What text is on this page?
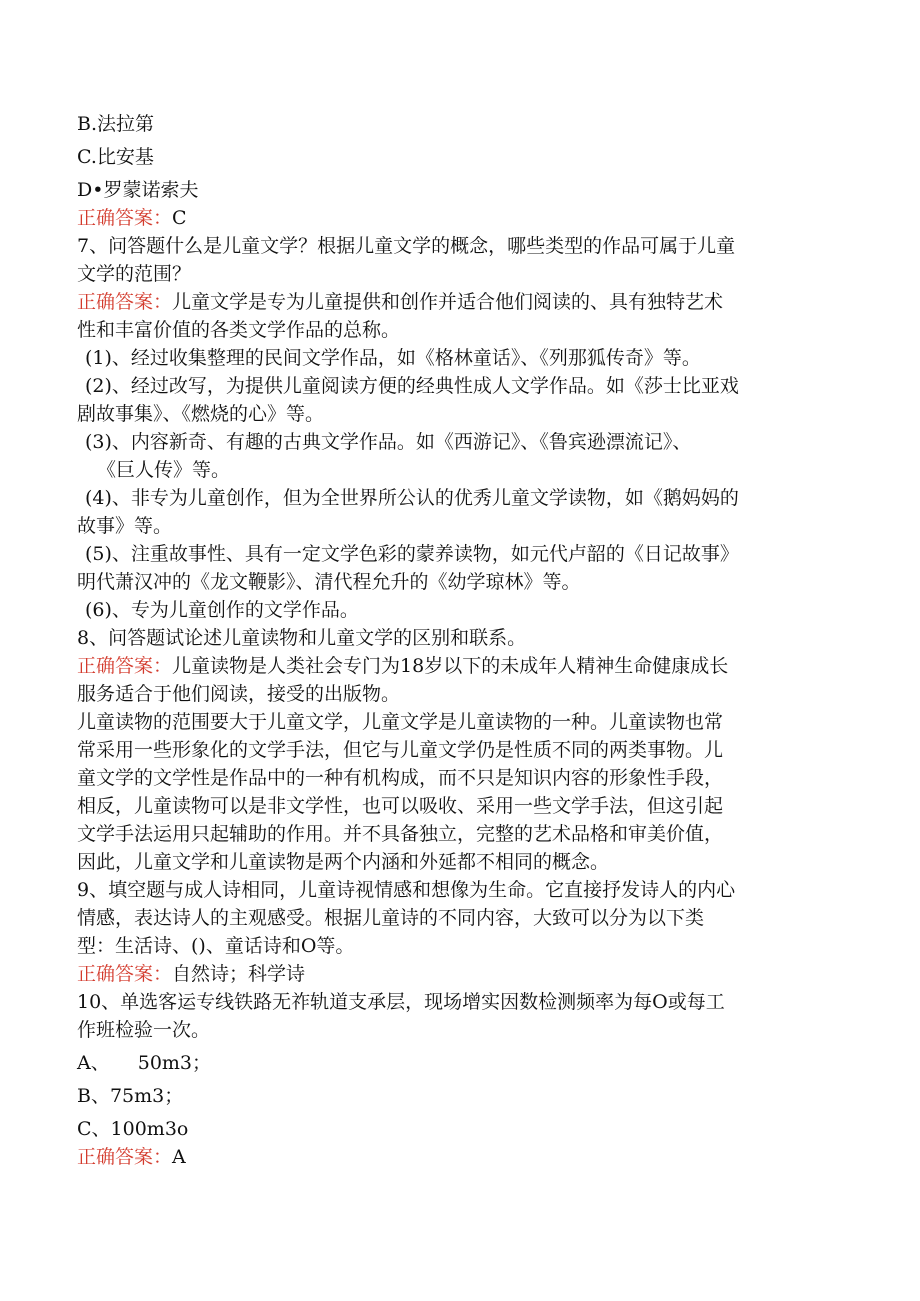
B.法拉第
C.比安基
D•罗蒙诺索夫
正确答案：C
7、问答题什么是儿童文学？根据儿童文学的概念，哪些类型的作品可属于儿童
文学的范围？
正确答案：儿童文学是专为儿童提供和创作并适合他们阅读的、具有独特艺术
性和丰富价值的各类文学作品的总称。
(1)、经过收集整理的民间文学作品，如《格林童话》、《列那狐传奇》等。
(2)、经过改写，为提供儿童阅读方便的经典性成人文学作品。如《莎士比亚戏
剧故事集》、《燃烧的心》等。
(3)、内容新奇、有趣的古典文学作品。如《西游记》、《鲁宾逊漂流记》、
《巨人传》等。
(4)、非专为儿童创作，但为全世界所公认的优秀儿童文学读物，如《鹅妈妈的
故事》等。
(5)、注重故事性、具有一定文学色彩的蒙养读物，如元代卢韶的《日记故事》
明代萧汉冲的《龙文鞭影》、清代程允升的《幼学琼林》等。
(6)、专为儿童创作的文学作品。
8、问答题试论述儿童读物和儿童文学的区别和联系。
正确答案：儿童读物是人类社会专门为18岁以下的未成年人精神生命健康成长
服务适合于他们阅读，接受的出版物。
儿童读物的范围要大于儿童文学，儿童文学是儿童读物的一种。儿童读物也常
常采用一些形象化的文学手法，但它与儿童文学仍是性质不同的两类事物。儿
童文学的文学性是作品中的一种有机构成，而不只是知识内容的形象性手段，
相反，儿童读物可以是非文学性，也可以吸收、采用一些文学手法，但这引起
文学手法运用只起辅助的作用。并不具备独立，完整的艺术品格和审美价值，
因此，儿童文学和儿童读物是两个内涵和外延都不相同的概念。
9、填空题与成人诗相同，儿童诗视情感和想像为生命。它直接抒发诗人的内心
情感，表达诗人的主观感受。根据儿童诗的不同内容，大致可以分为以下类
型：生活诗、()、童话诗和O等。
正确答案：自然诗；科学诗
10、单选客运专线铁路无祚轨道支承层，现场增实因数检测频率为每O或每工
作班检验一次。
A、 50m3；
B、75m3；
C、100m3o
正确答案：A
